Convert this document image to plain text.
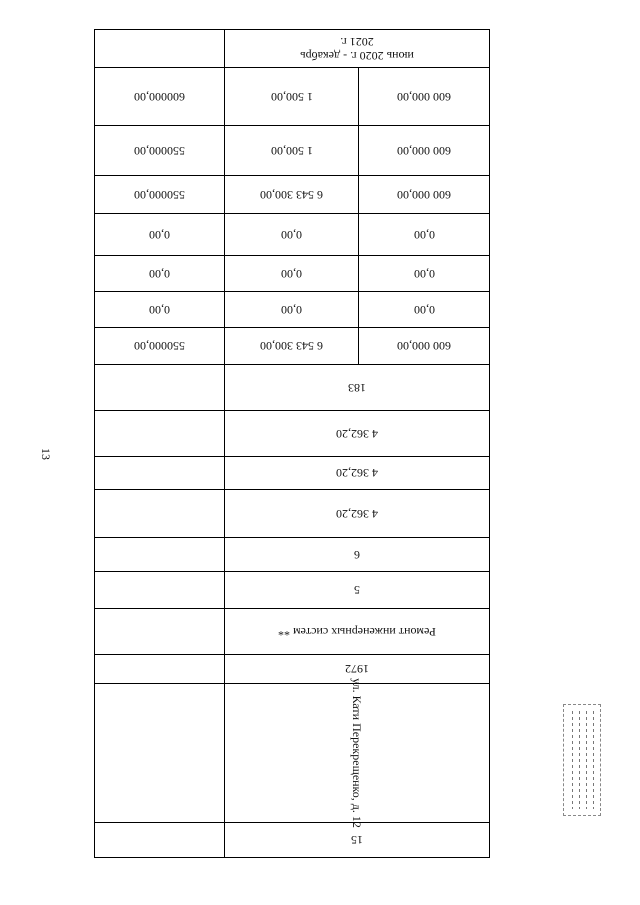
13
июнь 2020 г. - декабрь 2021 г.
600000,00	1 500,00	600 000,00
550000,00	1 500,00	600 000,00
550000,00	6 543 300,00	600 000,00
0,00	0,00	0,00
0,00	0,00	0,00
0,00	0,00	0,00
550000,00	6 543 300,00	600 000,00
183
4 362,20
4 362,20
4 362,20
6
5
Ремонт инженерных систем **
1972
ул. Кати Перекрещенко, д. 12
15
